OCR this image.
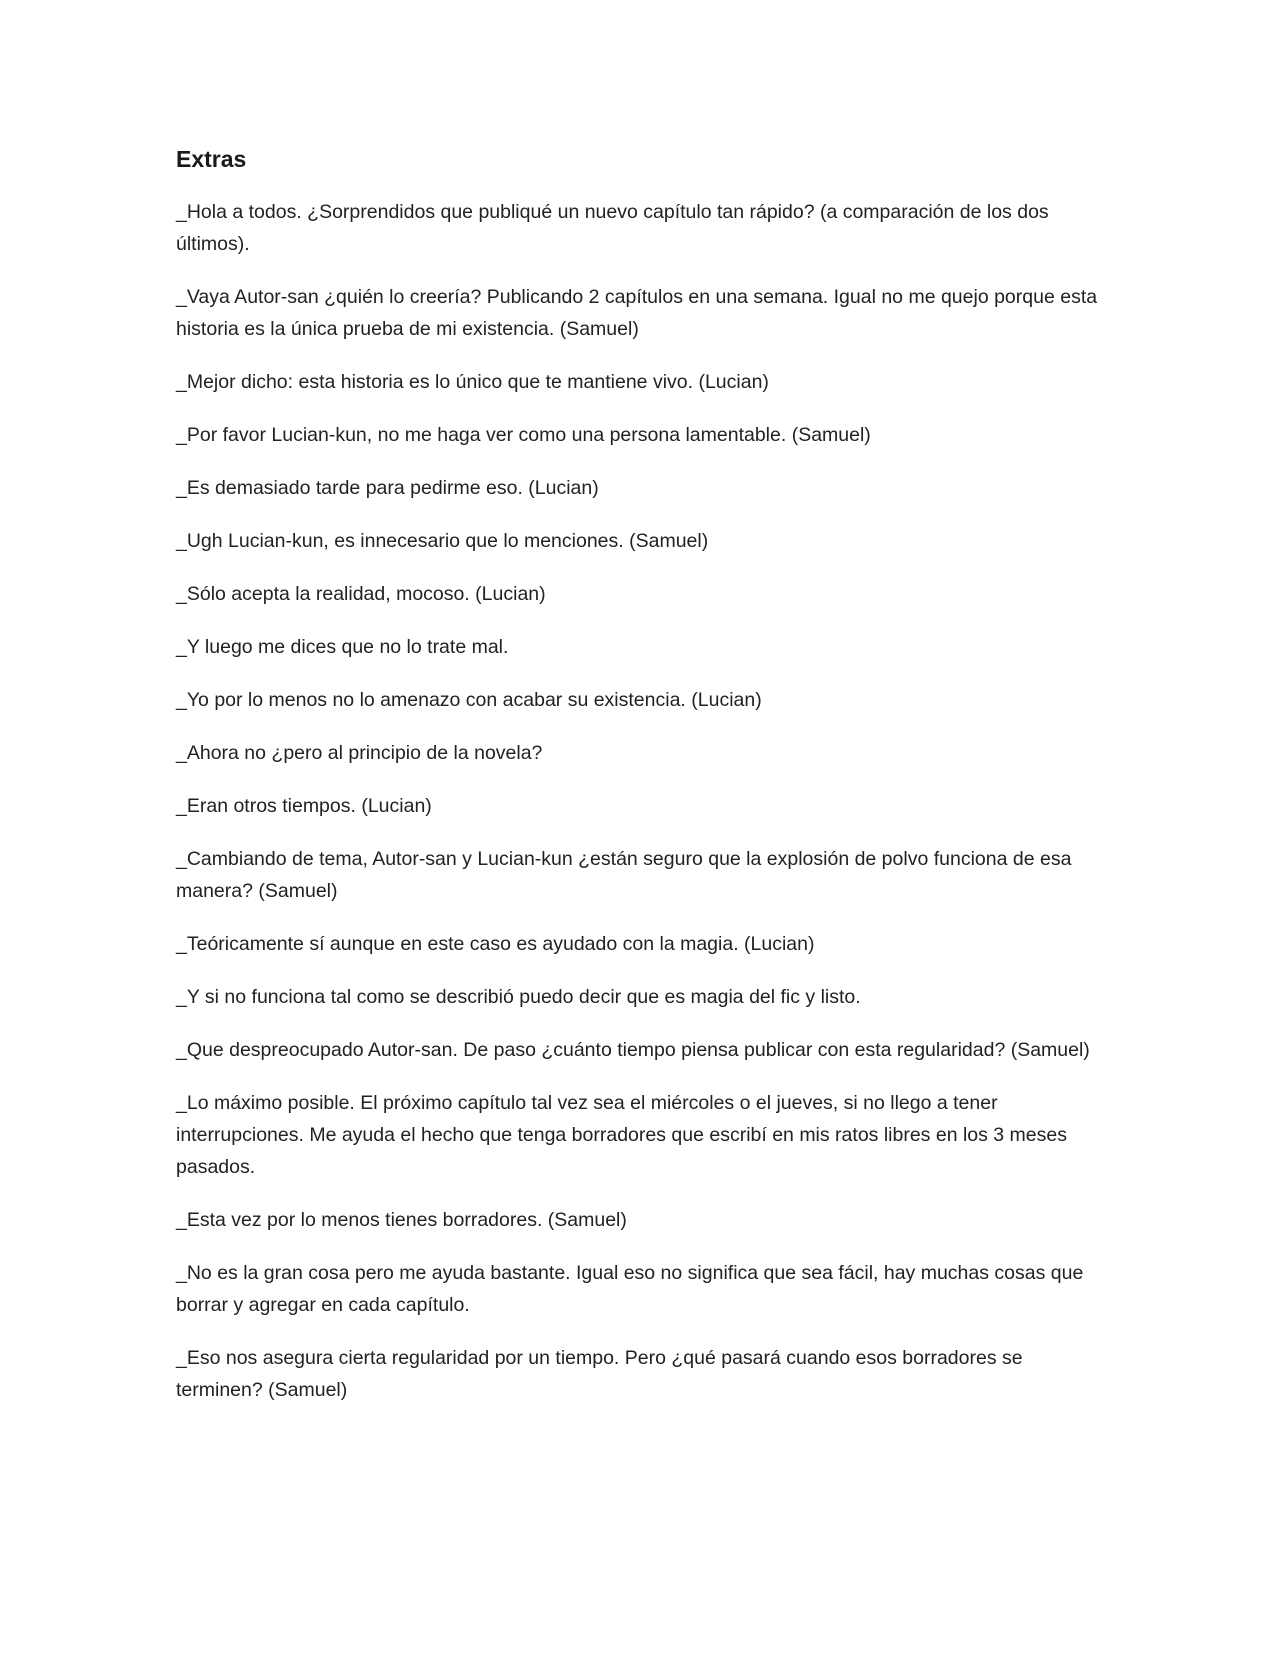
Extras

_Hola a todos. ¿Sorprendidos que publiqué un nuevo capítulo tan rápido? (a comparación de los dos últimos).

_Vaya Autor-san ¿quién lo creería? Publicando 2 capítulos en una semana. Igual no me quejo porque esta historia es la única prueba de mi existencia. (Samuel)

_Mejor dicho: esta historia es lo único que te mantiene vivo. (Lucian)

_Por favor Lucian-kun, no me haga ver como una persona lamentable. (Samuel)

_Es demasiado tarde para pedirme eso. (Lucian)

_Ugh Lucian-kun, es innecesario que lo menciones. (Samuel)

_Sólo acepta la realidad, mocoso. (Lucian)

_Y luego me dices que no lo trate mal.

_Yo por lo menos no lo amenazo con acabar su existencia. (Lucian)

_Ahora no ¿pero al principio de la novela?

_Eran otros tiempos. (Lucian)

_Cambiando de tema, Autor-san y Lucian-kun ¿están seguro que la explosión de polvo funciona de esa manera? (Samuel)

_Teóricamente sí aunque en este caso es ayudado con la magia. (Lucian)

_Y si no funciona tal como se describió puedo decir que es magia del fic y listo.

_Que despreocupado Autor-san. De paso ¿cuánto tiempo piensa publicar con esta regularidad? (Samuel)

_Lo máximo posible. El próximo capítulo tal vez sea el miércoles o el jueves, si no llego a tener interrupciones. Me ayuda el hecho que tenga borradores que escribí en mis ratos libres en los 3 meses pasados.

_Esta vez por lo menos tienes borradores. (Samuel)

_No es la gran cosa pero me ayuda bastante. Igual eso no significa que sea fácil, hay muchas cosas que borrar y agregar en cada capítulo.

_Eso nos asegura cierta regularidad por un tiempo. Pero ¿qué pasará cuando esos borradores se terminen? (Samuel)
